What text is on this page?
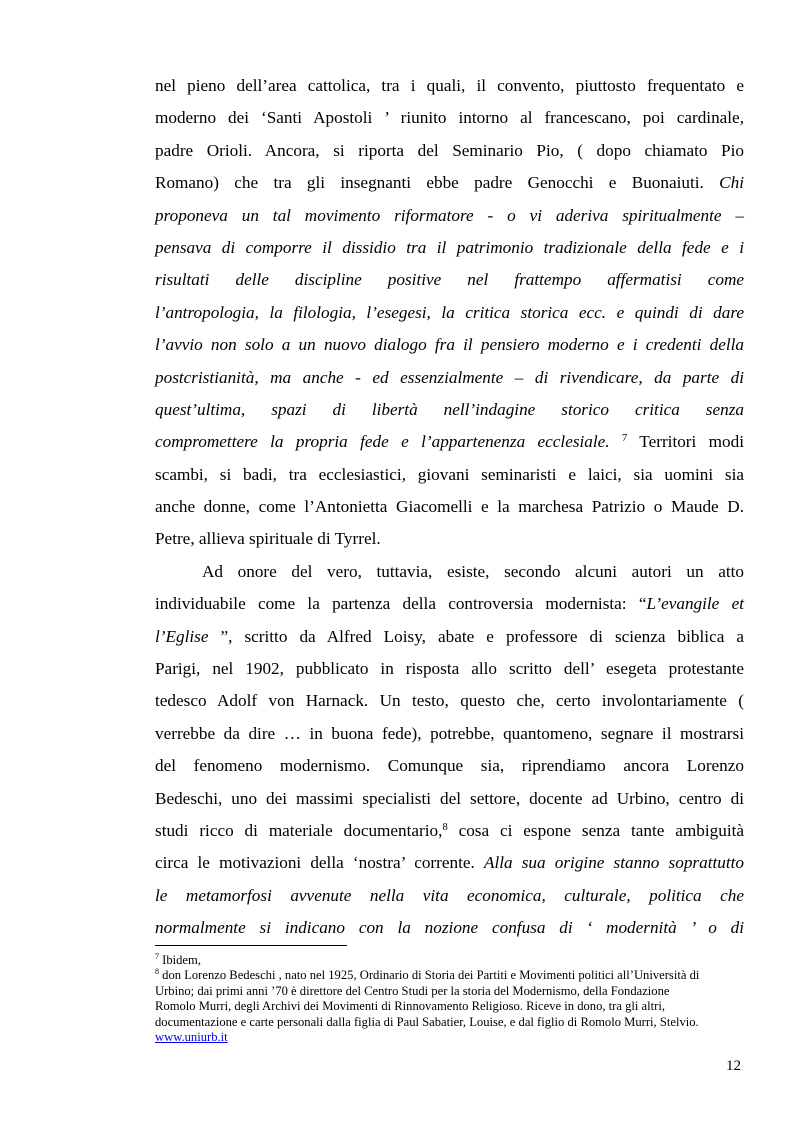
nel pieno dell’area cattolica, tra i quali, il convento, piuttosto frequentato e
moderno dei ‘Santi Apostoli ’ riunito intorno al francescano, poi cardinale,
padre Orioli. Ancora, si riporta del Seminario Pio, ( dopo chiamato Pio
Romano) che tra gli insegnanti ebbe padre Genocchi e Buonaiuti. Chi
proponeva un tal movimento riformatore - o vi aderiva spiritualmente –
pensava di comporre il dissidio tra il patrimonio tradizionale della fede e i
risultati delle discipline positive nel frattempo affermatisi come
l’antropologia, la filologia, l’esegesi, la critica storica ecc. e quindi di dare
l’avvio non solo a un nuovo dialogo fra il pensiero moderno e i credenti della
postcristianità, ma anche - ed essenzialmente – di rivendicare, da parte di
quest’ultima, spazi di libertà nell’indagine storico critica senza
compromettere la propria fede e l’appartenenza ecclesiale. $^7$ Territori modi
scambi, si badi, tra ecclesiastici, giovani seminaristi e laici, sia uomini sia
anche donne, come l’Antonietta Giacomelli e la marchesa Patrizio o Maude D.
Petre, allieva spirituale di Tyrrel.
Ad onore del vero, tuttavia, esiste, secondo alcuni autori un atto
individuabile come la partenza della controversia modernista: “L’evangile et
l’Eglise ”, scritto da Alfred Loisy, abate e professore di scienza biblica a
Parigi, nel 1902, pubblicato in risposta allo scritto dell’ esegeta protestante
tedesco Adolf von Harnack. Un testo, questo che, certo involontariamente (
verrebbe da dire … in buona fede), potrebbe, quantomeno, segnare il mostrarsi
del fenomeno modernismo. Comunque sia, riprendiamo ancora Lorenzo
Bedeschi, uno dei massimi specialisti del settore, docente ad Urbino, centro di
studi ricco di materiale documentario,$^8$ cosa ci espone senza tante ambiguità
circa le motivazioni della ‘nostra’ corrente. Alla sua origine stanno soprattutto
le metamorfosi avvenute nella vita economica, culturale, politica che
normalmente si indicano con la nozione confusa di ‘ modernità ’ o di
$^7$ Ibidem,
$^8$ don Lorenzo Bedeschi , nato nel 1925, Ordinario di Storia dei Partiti e Movimenti politici all’Università di
Urbino; dai primi anni ’70 è direttore del Centro Studi per la storia del Modernismo, della Fondazione
Romolo Murri, degli Archivi dei Movimenti di Rinnovamento Religioso. Riceve in dono, tra gli altri,
documentazione e carte personali dalla figlia di Paul Sabatier, Louise, e dal figlio di Romolo Murri, Stelvio.
www.uniurb.it
12
